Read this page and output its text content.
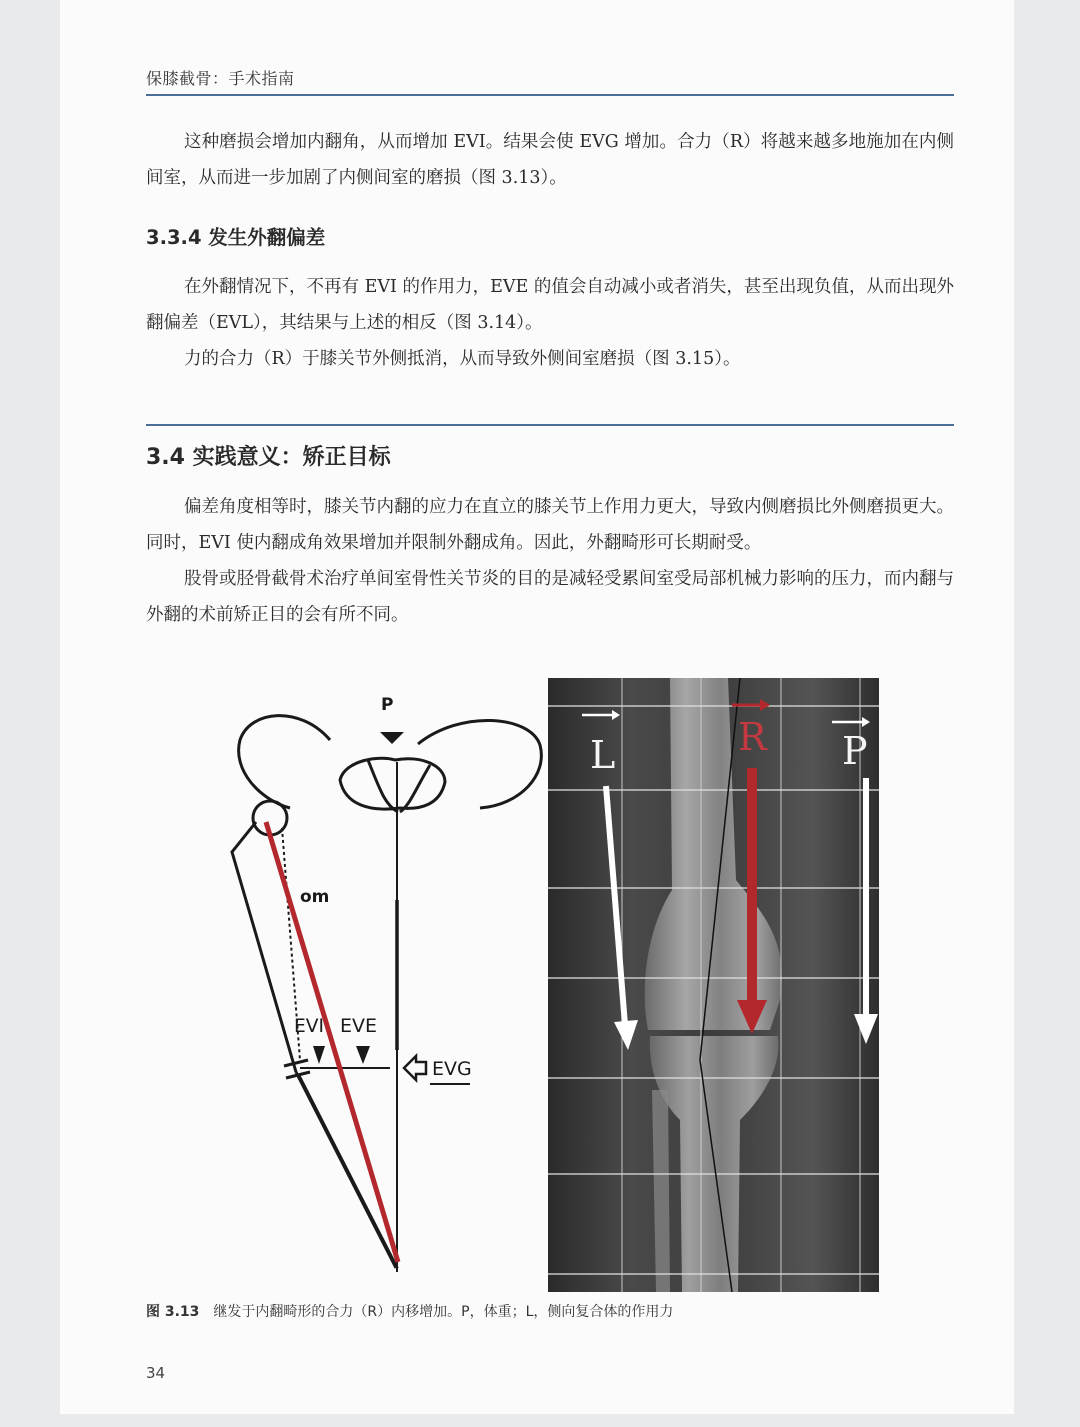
保膝截骨：手术指南

这种磨损会增加内翻角，从而增加 EVI。结果会使 EVG 增加。合力（R）将越来越多地施加在内侧间室，从而进一步加剧了内侧间室的磨损（图 3.13）。

3.3.4 发生外翻偏差

在外翻情况下，不再有 EVI 的作用力，EVE 的值会自动减小或者消失，甚至出现负值，从而出现外翻偏差（EVL），其结果与上述的相反（图 3.14）。

力的合力（R）于膝关节外侧抵消，从而导致外侧间室磨损（图 3.15）。

3.4 实践意义：矫正目标

偏差角度相等时，膝关节内翻的应力在直立的膝关节上作用力更大，导致内侧磨损比外侧磨损更大。同时，EVI 使内翻成角效果增加并限制外翻成角。因此，外翻畸形可长期耐受。

股骨或胫骨截骨术治疗单间室骨性关节炎的目的是减轻受累间室受局部机械力影响的压力，而内翻与外翻的术前矫正目的会有所不同。

P
om
EVI EVE
EVG
L	R P
图 3.13 继发于内翻畸形的合力（R）内移增加。P，体重；L，侧向复合体的作用力
34
